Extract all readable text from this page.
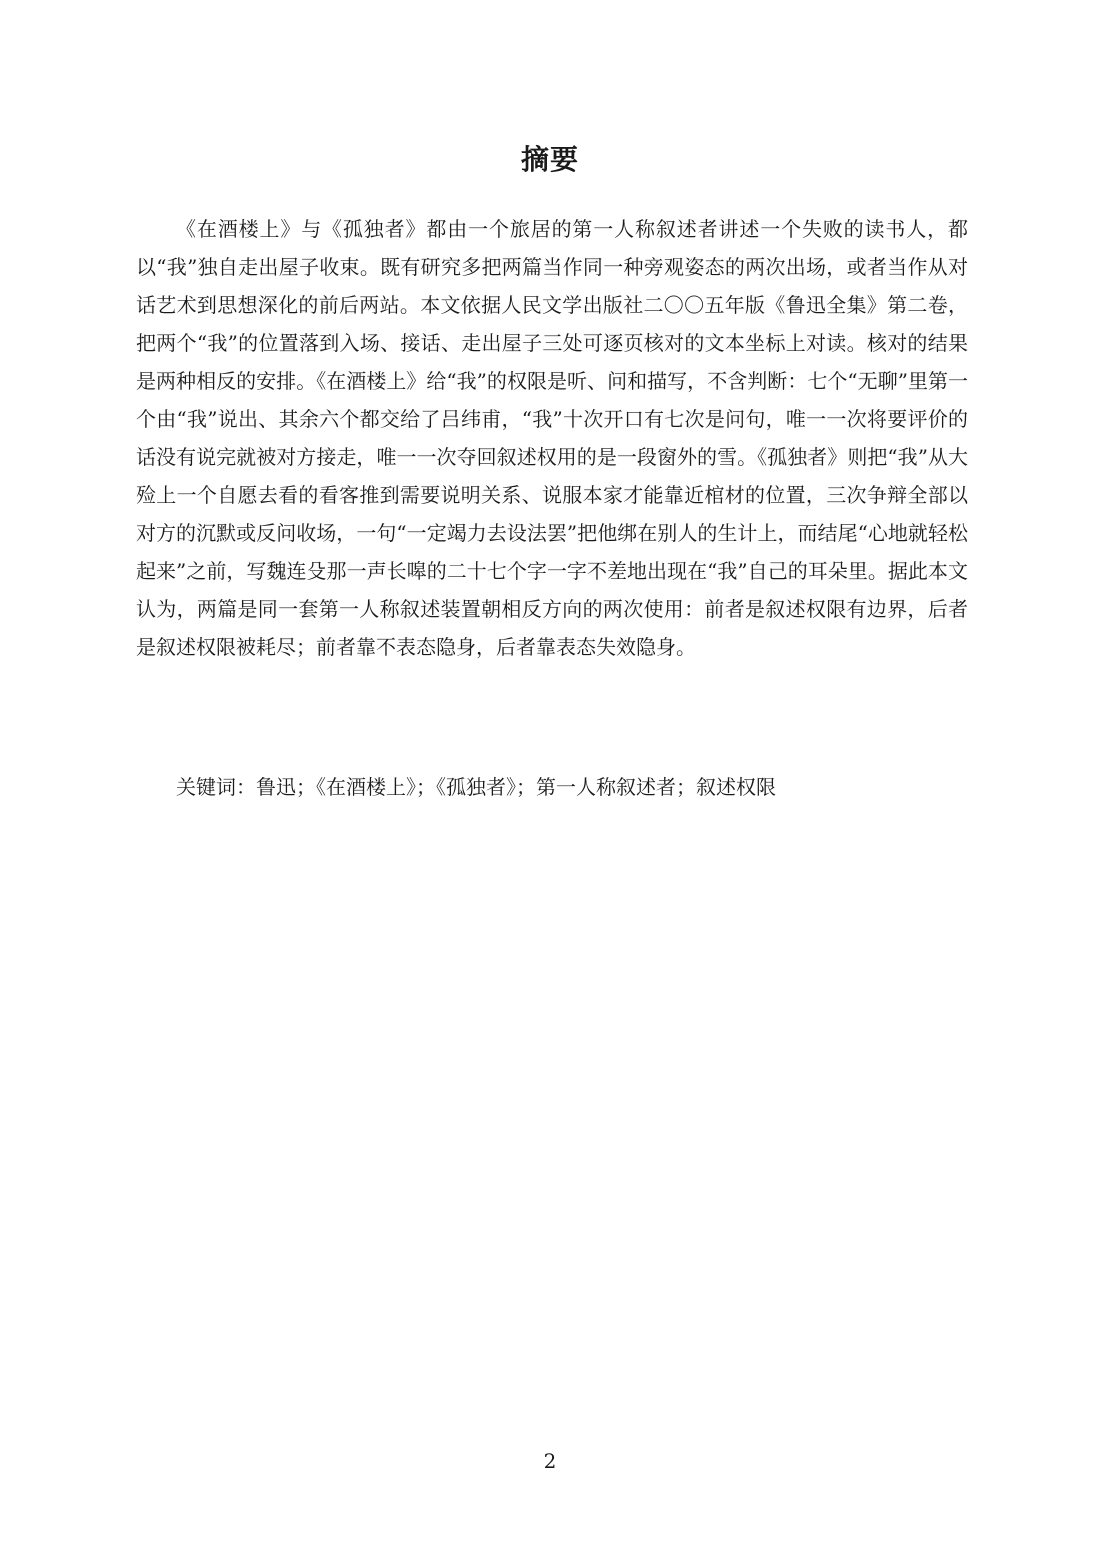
摘要

《在酒楼上》与《孤独者》都由一个旅居的第一人称叙述者讲述一个失败的读书人，都以“我”独自走出屋子收束。既有研究多把两篇当作同一种旁观姿态的两次出场，或者当作从对话艺术到思想深化的前后两站。本文依据人民文学出版社二〇〇五年版《鲁迅全集》第二卷，把两个“我”的位置落到入场、接话、走出屋子三处可逐页核对的文本坐标上对读。核对的结果是两种相反的安排。《在酒楼上》给“我”的权限是听、问和描写，不含判断：七个“无聊”里第一个由“我”说出、其余六个都交给了吕纬甫，“我”十次开口有七次是问句，唯一一次将要评价的话没有说完就被对方接走，唯一一次夺回叙述权用的是一段窗外的雪。《孤独者》则把“我”从大殓上一个自愿去看的看客推到需要说明关系、说服本家才能靠近棺材的位置，三次争辩全部以对方的沉默或反问收场，一句“一定竭力去设法罢”把他绑在别人的生计上，而结尾“心地就轻松起来”之前，写魏连殳那一声长嗥的二十七个字一字不差地出现在“我”自己的耳朵里。据此本文认为，两篇是同一套第一人称叙述装置朝相反方向的两次使用：前者是叙述权限有边界，后者是叙述权限被耗尽；前者靠不表态隐身，后者靠表态失效隐身。

关键词：鲁迅；《在酒楼上》；《孤独者》；第一人称叙述者；叙述权限

2
